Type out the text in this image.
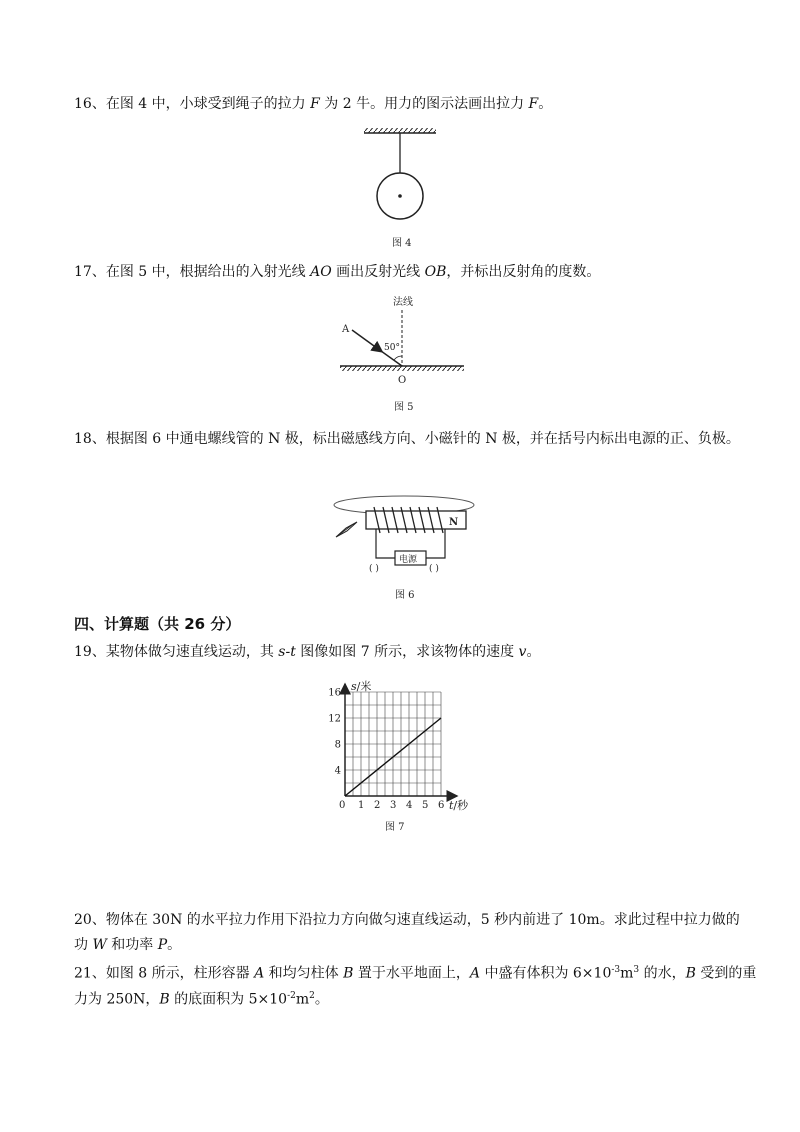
16、在图 4 中，小球受到绳子的拉力 F 为 2 牛。用力的图示法画出拉力 F。
图 4
17、在图 5 中，根据给出的入射光线 AO 画出反射光线 OB，并标出反射角的度数。
法线
A
50°
O
图 5
18、根据图 6 中通电螺线管的 N 极，标出磁感线方向、小磁针的 N 极，并在括号内标出电源的正、负极。
N
电源
( )	( )
图 6
四、计算题（共 26 分）
19、某物体做匀速直线运动，其 s-t 图像如图 7 所示，求该物体的速度 v。
0 1 2 3 4 5 6
4
8
12
16 s/米
t/秒
图 7
20、物体在 30N 的水平拉力作用下沿拉力方向做匀速直线运动，5 秒内前进了 10m。求此过程中拉力做的
功 W 和功率 P。
21、如图 8 所示，柱形容器 A 和均匀柱体 B 置于水平地面上，A 中盛有体积为 $6\times 10^{-3}m^3$ 的水，B 受到的重
力为 250N，B 的底面积为 $5\times 10^{-2}m^2$。
